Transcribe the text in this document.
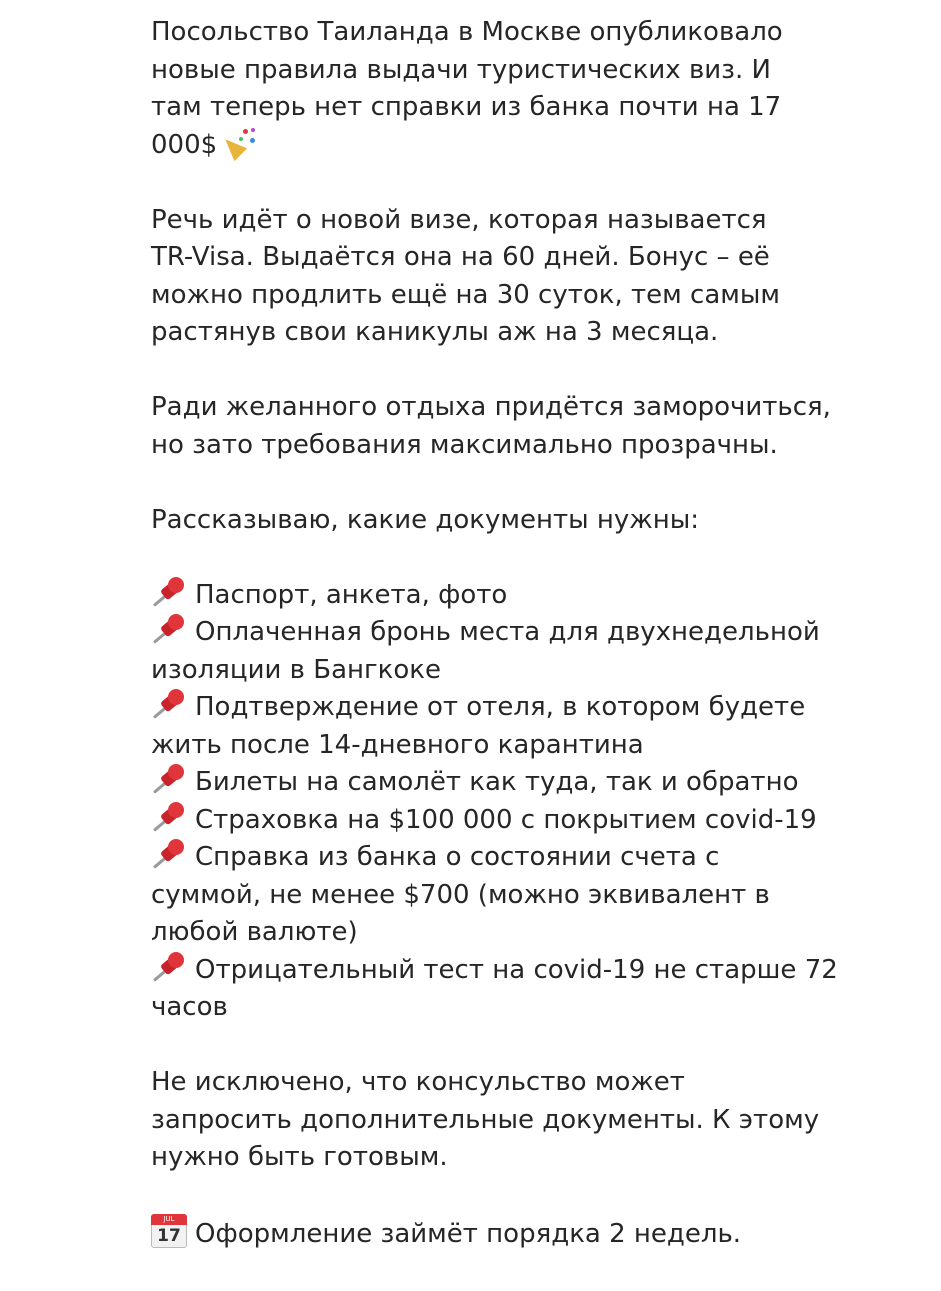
Посольство Таиланда в Москве опубликовало

новые правила выдачи туристических виз. И

там теперь нет справки из банка почти на 17

000$

Речь идёт о новой визе, которая называется

TR-Visa. Выдаётся она на 60 дней. Бонус – её

можно продлить ещё на 30 суток, тем самым

растянув свои каникулы аж на 3 месяца.

Ради желанного отдыха придётся заморочиться,

но зато требования максимально прозрачны.

Рассказываю, какие документы нужны:

Паспорт, анкета, фото

Оплаченная бронь места для двухнедельной

изоляции в Бангкоке

Подтверждение от отеля, в котором будете

жить после 14-дневного карантина

Билеты на самолёт как туда, так и обратно

Страховка на $100 000 с покрытием covid-19

Справка из банка о состоянии счета с

суммой, не менее $700 (можно эквивалент в

любой валюте)

Отрицательный тест на covid-19 не старше 72

часов

Не исключено, что консульство может

запросить дополнительные документы. К этому

нужно быть готовым.

JUL
17 Оформление займёт порядка 2 недель.
